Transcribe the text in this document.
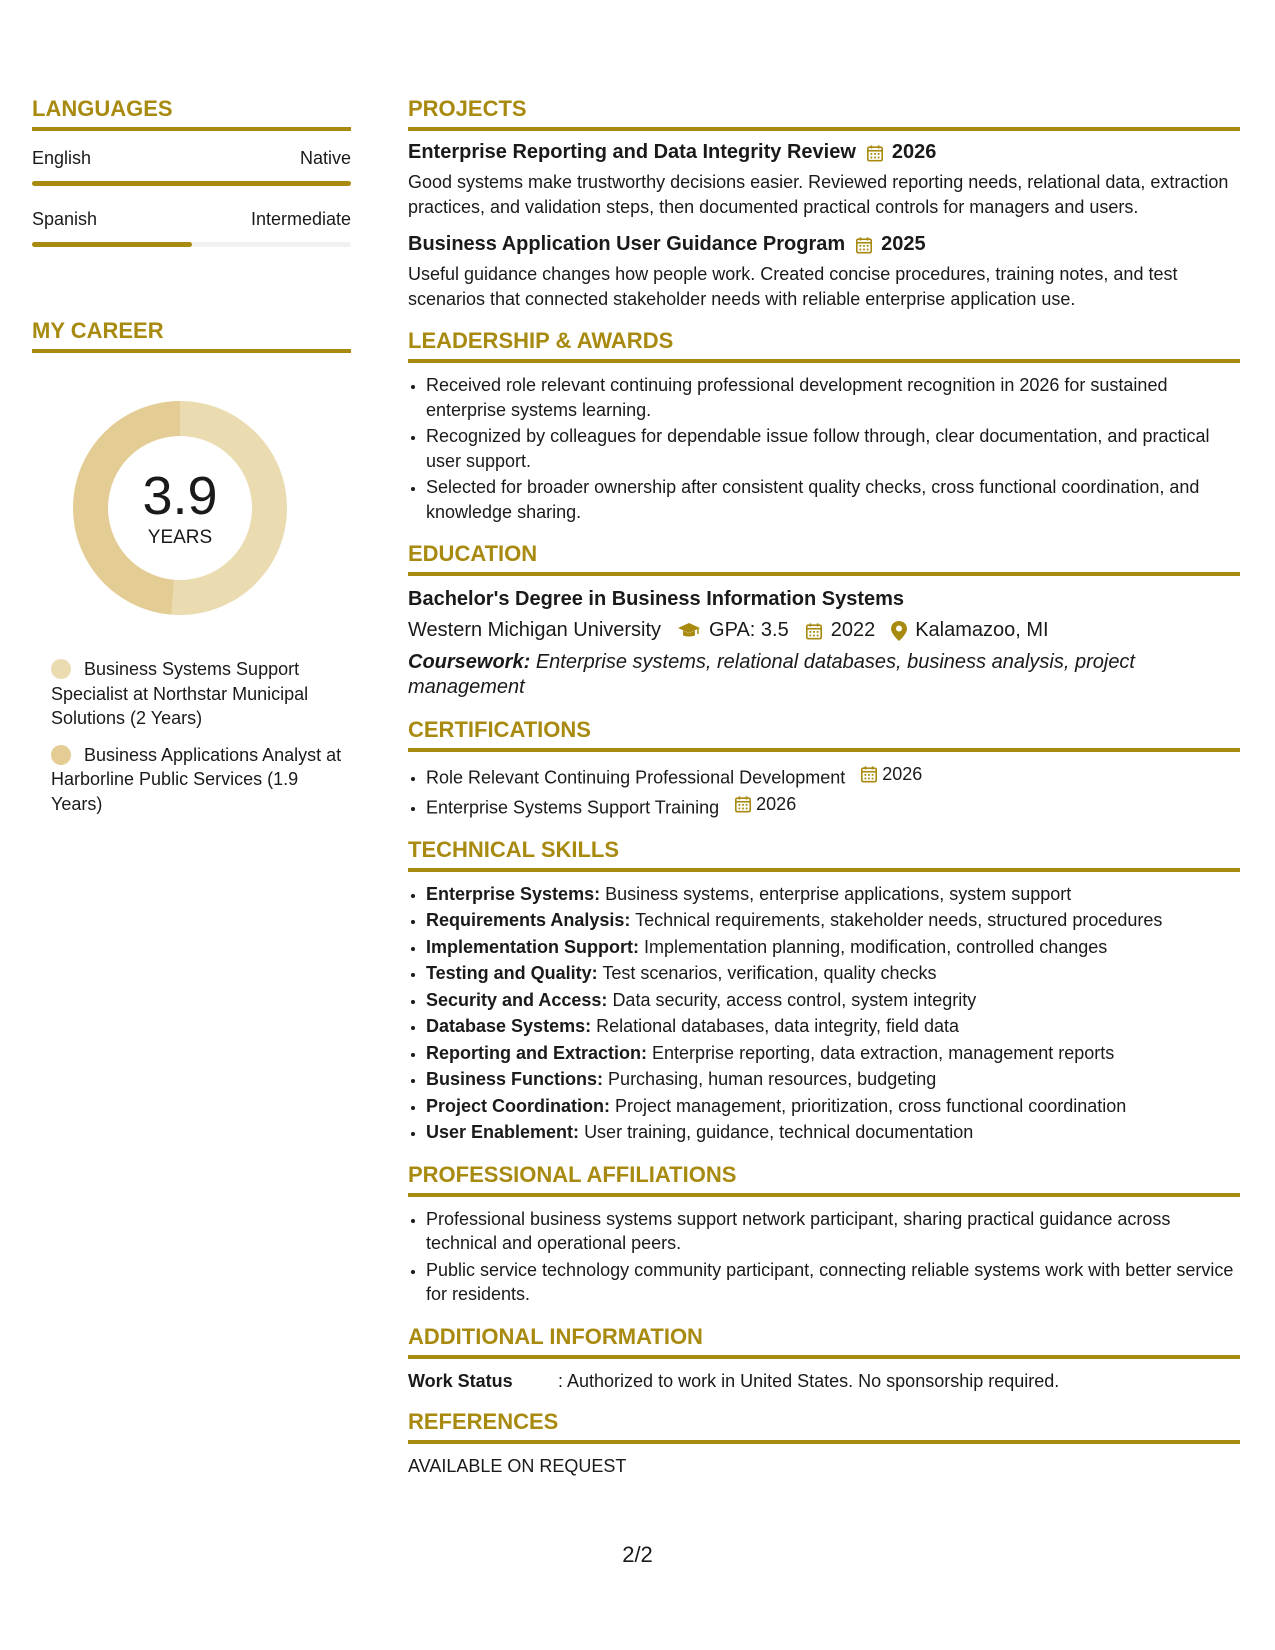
LANGUAGES
English	Native
Spanish	Intermediate
MY CAREER
3.9
YEARS
Business Systems Support Specialist at Northstar Municipal Solutions (2 Years)
Business Applications Analyst at Harborline Public Services (1.9 Years)
PROJECTS
Enterprise Reporting and Data Integrity Review 2026

Good systems make trustworthy decisions easier. Reviewed reporting needs, relational data, extraction practices, and validation steps, then documented practical controls for managers and users.

Business Application User Guidance Program 2025

Useful guidance changes how people work. Created concise procedures, training notes, and test scenarios that connected stakeholder needs with reliable enterprise application use.

LEADERSHIP & AWARDS
• Received role relevant continuing professional development recognition in 2026 for sustained enterprise systems learning.
• Recognized by colleagues for dependable issue follow through, clear documentation, and practical user support.
• Selected for broader ownership after consistent quality checks, cross functional coordination, and knowledge sharing.
EDUCATION
Bachelor's Degree in Business Information Systems
Western Michigan University GPA: 3.5 2022 Kalamazoo, MI
Coursework: Enterprise systems, relational databases, business analysis, project management
CERTIFICATIONS
• Role Relevant Continuing Professional Development 2026
• Enterprise Systems Support Training 2026
TECHNICAL SKILLS
• Enterprise Systems: Business systems, enterprise applications, system support
• Requirements Analysis: Technical requirements, stakeholder needs, structured procedures
• Implementation Support: Implementation planning, modification, controlled changes
• Testing and Quality: Test scenarios, verification, quality checks
• Security and Access: Data security, access control, system integrity
• Database Systems: Relational databases, data integrity, field data
• Reporting and Extraction: Enterprise reporting, data extraction, management reports
• Business Functions: Purchasing, human resources, budgeting
• Project Coordination: Project management, prioritization, cross functional coordination
• User Enablement: User training, guidance, technical documentation
PROFESSIONAL AFFILIATIONS
• Professional business systems support network participant, sharing practical guidance across technical and operational peers.
• Public service technology community participant, connecting reliable systems work with better service for residents.
ADDITIONAL INFORMATION
Work Status	: Authorized to work in United States. No sponsorship required.
REFERENCES
AVAILABLE ON REQUEST
2/2
